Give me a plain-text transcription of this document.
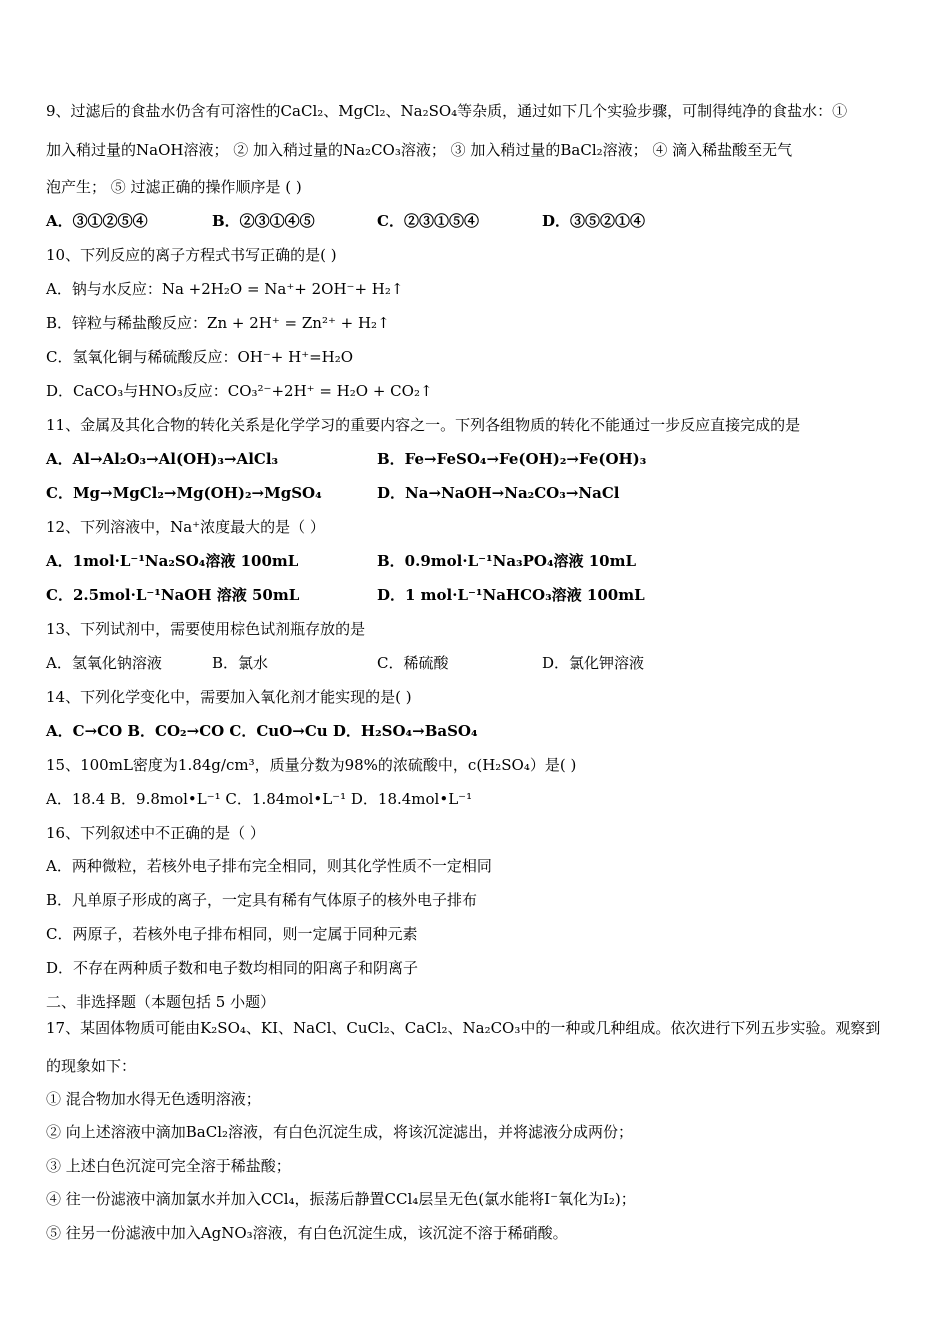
9、过滤后的食盐水仍含有可溶性的CaCl₂、MgCl₂、Na₂SO₄等杂质，通过如下几个实验步骤，可制得纯净的食盐水：①
加入稍过量的NaOH溶液； ② 加入稍过量的Na₂CO₃溶液； ③ 加入稍过量的BaCl₂溶液； ④ 滴入稀盐酸至无气
泡产生； ⑤ 过滤正确的操作顺序是 ( )
A．③①②⑤④	B．②③①④⑤	C．②③①⑤④	D．③⑤②①④
10、下列反应的离子方程式书写正确的是( )
A．钠与水反应：Na +2H₂O = Na⁺+ 2OH⁻+ H₂↑
B．锌粒与稀盐酸反应：Zn + 2H⁺ = Zn²⁺ + H₂↑
C．氢氧化铜与稀硫酸反应：OH⁻+ H⁺=H₂O
D．CaCO₃与HNO₃反应：CO₃²⁻+2H⁺ = H₂O + CO₂↑
11、金属及其化合物的转化关系是化学学习的重要内容之一。下列各组物质的转化不能通过一步反应直接完成的是
A．Al→Al₂O₃→Al(OH)₃→AlCl₃	B．Fe→FeSO₄→Fe(OH)₂→Fe(OH)₃
C．Mg→MgCl₂→Mg(OH)₂→MgSO₄	D．Na→NaOH→Na₂CO₃→NaCl
12、下列溶液中，Na⁺浓度最大的是（ ）
A．1mol·L⁻¹Na₂SO₄溶液 100mL	B．0.9mol·L⁻¹Na₃PO₄溶液 10mL
C．2.5mol·L⁻¹NaOH 溶液 50mL	D．1 mol·L⁻¹NaHCO₃溶液 100mL
13、下列试剂中，需要使用棕色试剂瓶存放的是
A．氢氧化钠溶液	B．氯水	C．稀硫酸	D．氯化钾溶液
14、下列化学变化中，需要加入氧化剂才能实现的是( )
A．C→CO B．CO₂→CO C．CuO→Cu D．H₂SO₄→BaSO₄
15、100mL密度为1.84g/cm³，质量分数为98%的浓硫酸中，c(H₂SO₄）是( )
A．18.4 B．9.8mol•L⁻¹ C．1.84mol•L⁻¹ D．18.4mol•L⁻¹
16、下列叙述中不正确的是（ ）
A．两种微粒，若核外电子排布完全相同，则其化学性质不一定相同
B．凡单原子形成的离子，一定具有稀有气体原子的核外电子排布
C．两原子，若核外电子排布相同，则一定属于同种元素
D．不存在两种质子数和电子数均相同的阳离子和阴离子
二、非选择题（本题包括 5 小题）
17、某固体物质可能由K₂SO₄、KI、NaCl、CuCl₂、CaCl₂、Na₂CO₃中的一种或几种组成。依次进行下列五步实验。观察到
的现象如下：
① 混合物加水得无色透明溶液；
② 向上述溶液中滴加BaCl₂溶液，有白色沉淀生成，将该沉淀滤出，并将滤液分成两份；
③ 上述白色沉淀可完全溶于稀盐酸；
④ 往一份滤液中滴加氯水并加入CCl₄，振荡后静置CCl₄层呈无色(氯水能将I⁻氧化为I₂)；
⑤ 往另一份滤液中加入AgNO₃溶液，有白色沉淀生成，该沉淀不溶于稀硝酸。
